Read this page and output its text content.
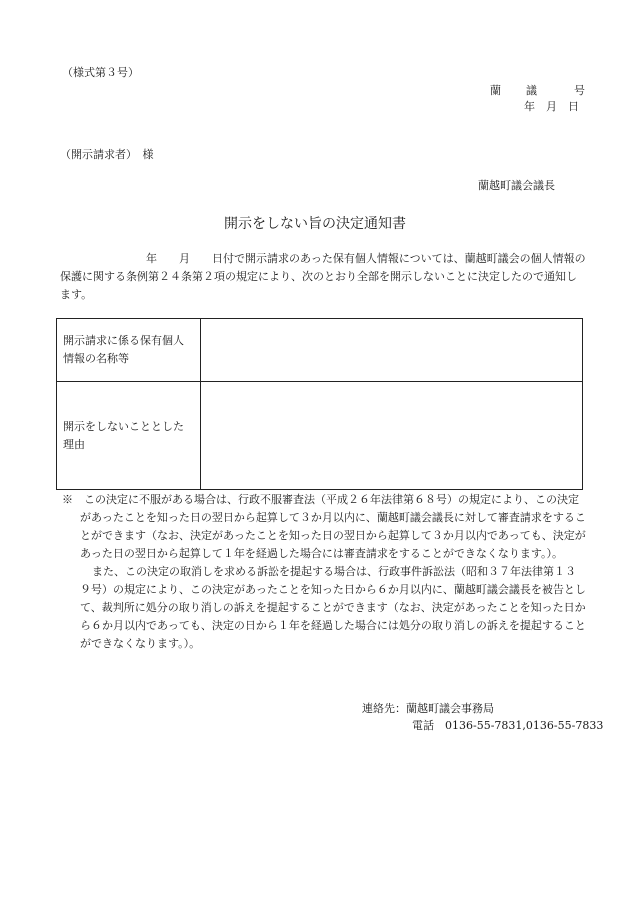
（様式第３号）
蘭　　議　　　号
年　月　日
（開示請求者）　様
蘭越町議会議長
開示をしない旨の決定通知書
年　　月　　 日付で開示請求のあった保有個人情報については、蘭越町議会の個人情報の保護に関する条例第２４条第２項の規定により、次のとおり全部を開示しないことに決定したので通知します。
開示請求に係る保有個人情報の名称等	
開示をしないこととした理由	

※　この決定に不服がある場合は、行政不服審査法（平成２６年法律第６８号）の規定により、この決定があったことを知った日の翌日から起算して３か月以内に、蘭越町議会議長に対して審査請求をすることができます（なお、決定があったことを知った日の翌日から起算して３か月以内であっても、決定があった日の翌日から起算して１年を経過した場合には審査請求をすることができなくなります。）。

また、この決定の取消しを求める訴訟を提起する場合は、行政事件訴訟法（昭和３７年法律第１３９号）の規定により、この決定があったことを知った日から６か月以内に、蘭越町議会議長を被告として、裁判所に処分の取り消しの訴えを提起することができます（なお、決定があったことを知った日から６か月以内であっても、決定の日から１年を経過した場合には処分の取り消しの訴えを提起することができなくなります。）。

連絡先：蘭越町議会事務局
電話　0136-55-7831,0136-55-7833
